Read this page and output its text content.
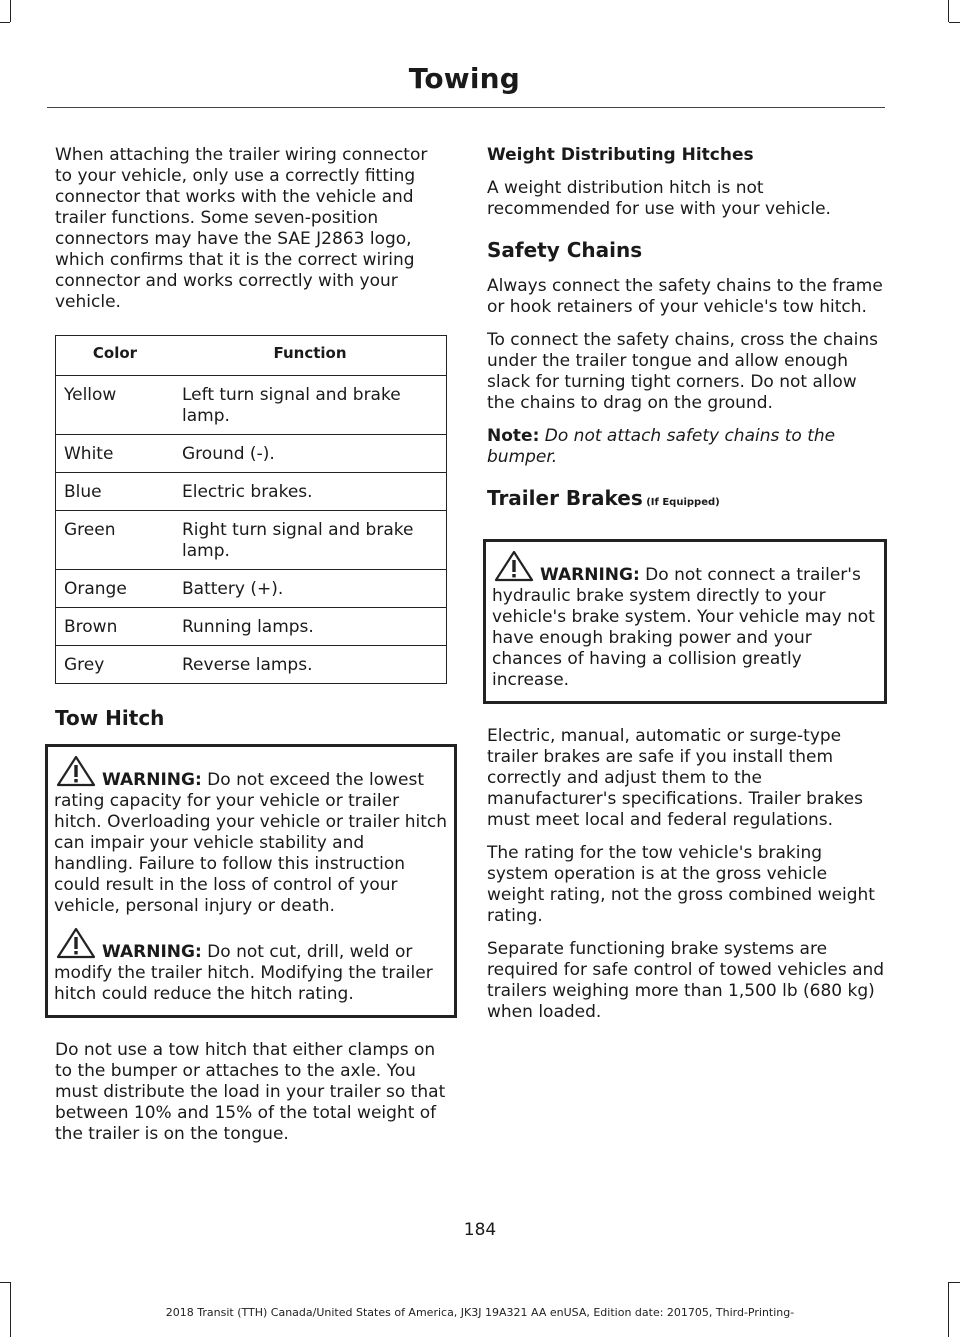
Towing

When attaching the trailer wiring connector to your vehicle, only use a correctly fitting connector that works with the vehicle and trailer functions. Some seven-position connectors may have the SAE J2863 logo, which confirms that it is the correct wiring connector and works correctly with your vehicle.

Color	Function
Yellow	Left turn signal and brake lamp.
White	Ground (-).
Blue	Electric brakes.
Green	Right turn signal and brake lamp.
Orange	Battery (+).
Brown	Running lamps.
Grey	Reverse lamps.
Tow Hitch
WARNING: Do not exceed the lowest rating capacity for your vehicle or trailer hitch. Overloading your vehicle or trailer hitch can impair your vehicle stability and handling. Failure to follow this instruction could result in the loss of control of your vehicle, personal injury or death.
WARNING: Do not cut, drill, weld or modify the trailer hitch. Modifying the trailer hitch could reduce the hitch rating.

Do not use a tow hitch that either clamps on to the bumper or attaches to the axle. You must distribute the load in your trailer so that between 10% and 15% of the total weight of the trailer is on the tongue.

Weight Distributing Hitches

A weight distribution hitch is not recommended for use with your vehicle.

Safety Chains

Always connect the safety chains to the frame or hook retainers of your vehicle's tow hitch.

To connect the safety chains, cross the chains under the trailer tongue and allow enough slack for turning tight corners. Do not allow the chains to drag on the ground.

Note: Do not attach safety chains to the bumper.

Trailer Brakes (If Equipped)
WARNING: Do not connect a trailer's hydraulic brake system directly to your vehicle's brake system. Your vehicle may not have enough braking power and your chances of having a collision greatly increase.

Electric, manual, automatic or surge-type trailer brakes are safe if you install them correctly and adjust them to the manufacturer's specifications. Trailer brakes must meet local and federal regulations.

The rating for the tow vehicle's braking system operation is at the gross vehicle weight rating, not the gross combined weight rating.

Separate functioning brake systems are required for safe control of towed vehicles and trailers weighing more than 1,500 lb (680 kg) when loaded.

184
2018 Transit (TTH) Canada/United States of America, JK3J 19A321 AA enUSA, Edition date: 201705, Third-Printing-
